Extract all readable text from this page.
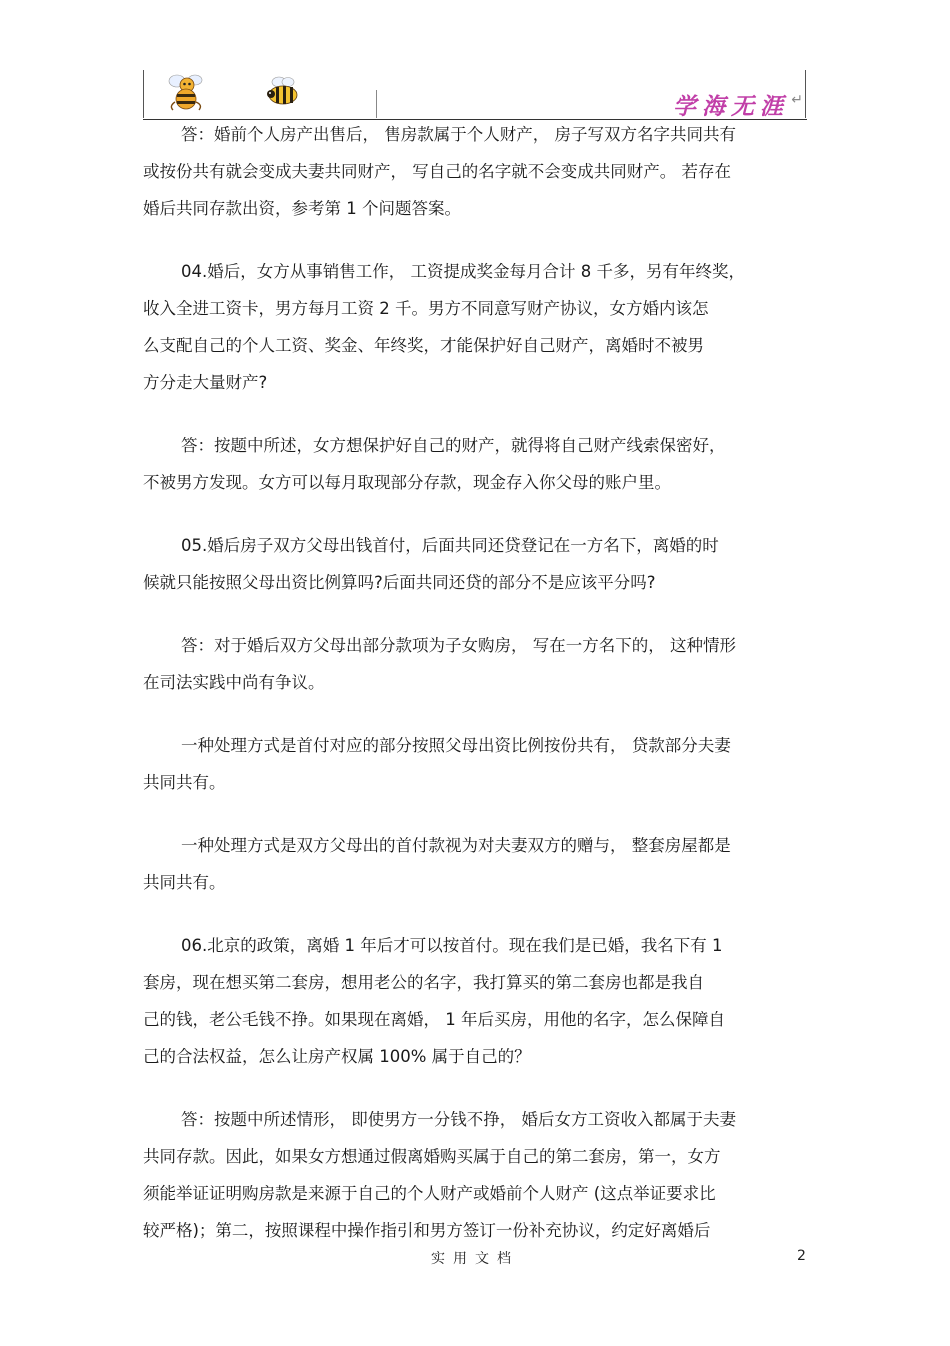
学海无涯 ↵

答：婚前个人房产出售后， 售房款属于个人财产， 房子写双方名字共同共有

或按份共有就会变成夫妻共同财产， 写自己的名字就不会变成共同财产。 若存在

婚后共同存款出资，参考第 1 个问题答案。

04.婚后，女方从事销售工作， 工资提成奖金每月合计 8 千多，另有年终奖，

收入全进工资卡，男方每月工资 2 千。男方不同意写财产协议，女方婚内该怎

么支配自己的个人工资、奖金、年终奖，才能保护好自己财产，离婚时不被男

方分走大量财产?

答：按题中所述，女方想保护好自己的财产，就得将自己财产线索保密好，

不被男方发现。女方可以每月取现部分存款，现金存入你父母的账户里。

05.婚后房子双方父母出钱首付，后面共同还贷登记在一方名下，离婚的时

候就只能按照父母出资比例算吗?后面共同还贷的部分不是应该平分吗?

答：对于婚后双方父母出部分款项为子女购房， 写在一方名下的， 这种情形

在司法实践中尚有争议。

一种处理方式是首付对应的部分按照父母出资比例按份共有， 贷款部分夫妻

共同共有。

一种处理方式是双方父母出的首付款视为对夫妻双方的赠与， 整套房屋都是

共同共有。

06.北京的政策，离婚 1 年后才可以按首付。现在我们是已婚，我名下有 1

套房，现在想买第二套房，想用老公的名字，我打算买的第二套房也都是我自

己的钱，老公毛钱不挣。如果现在离婚， 1 年后买房，用他的名字，怎么保障自

己的合法权益，怎么让房产权属 100% 属于自己的？

答：按题中所述情形， 即使男方一分钱不挣， 婚后女方工资收入都属于夫妻

共同存款。因此，如果女方想通过假离婚购买属于自己的第二套房，第一，女方

须能举证证明购房款是来源于自己的个人财产或婚前个人财产 (这点举证要求比

较严格)；第二，按照课程中操作指引和男方签订一份补充协议，约定好离婚后

实用文档	2
